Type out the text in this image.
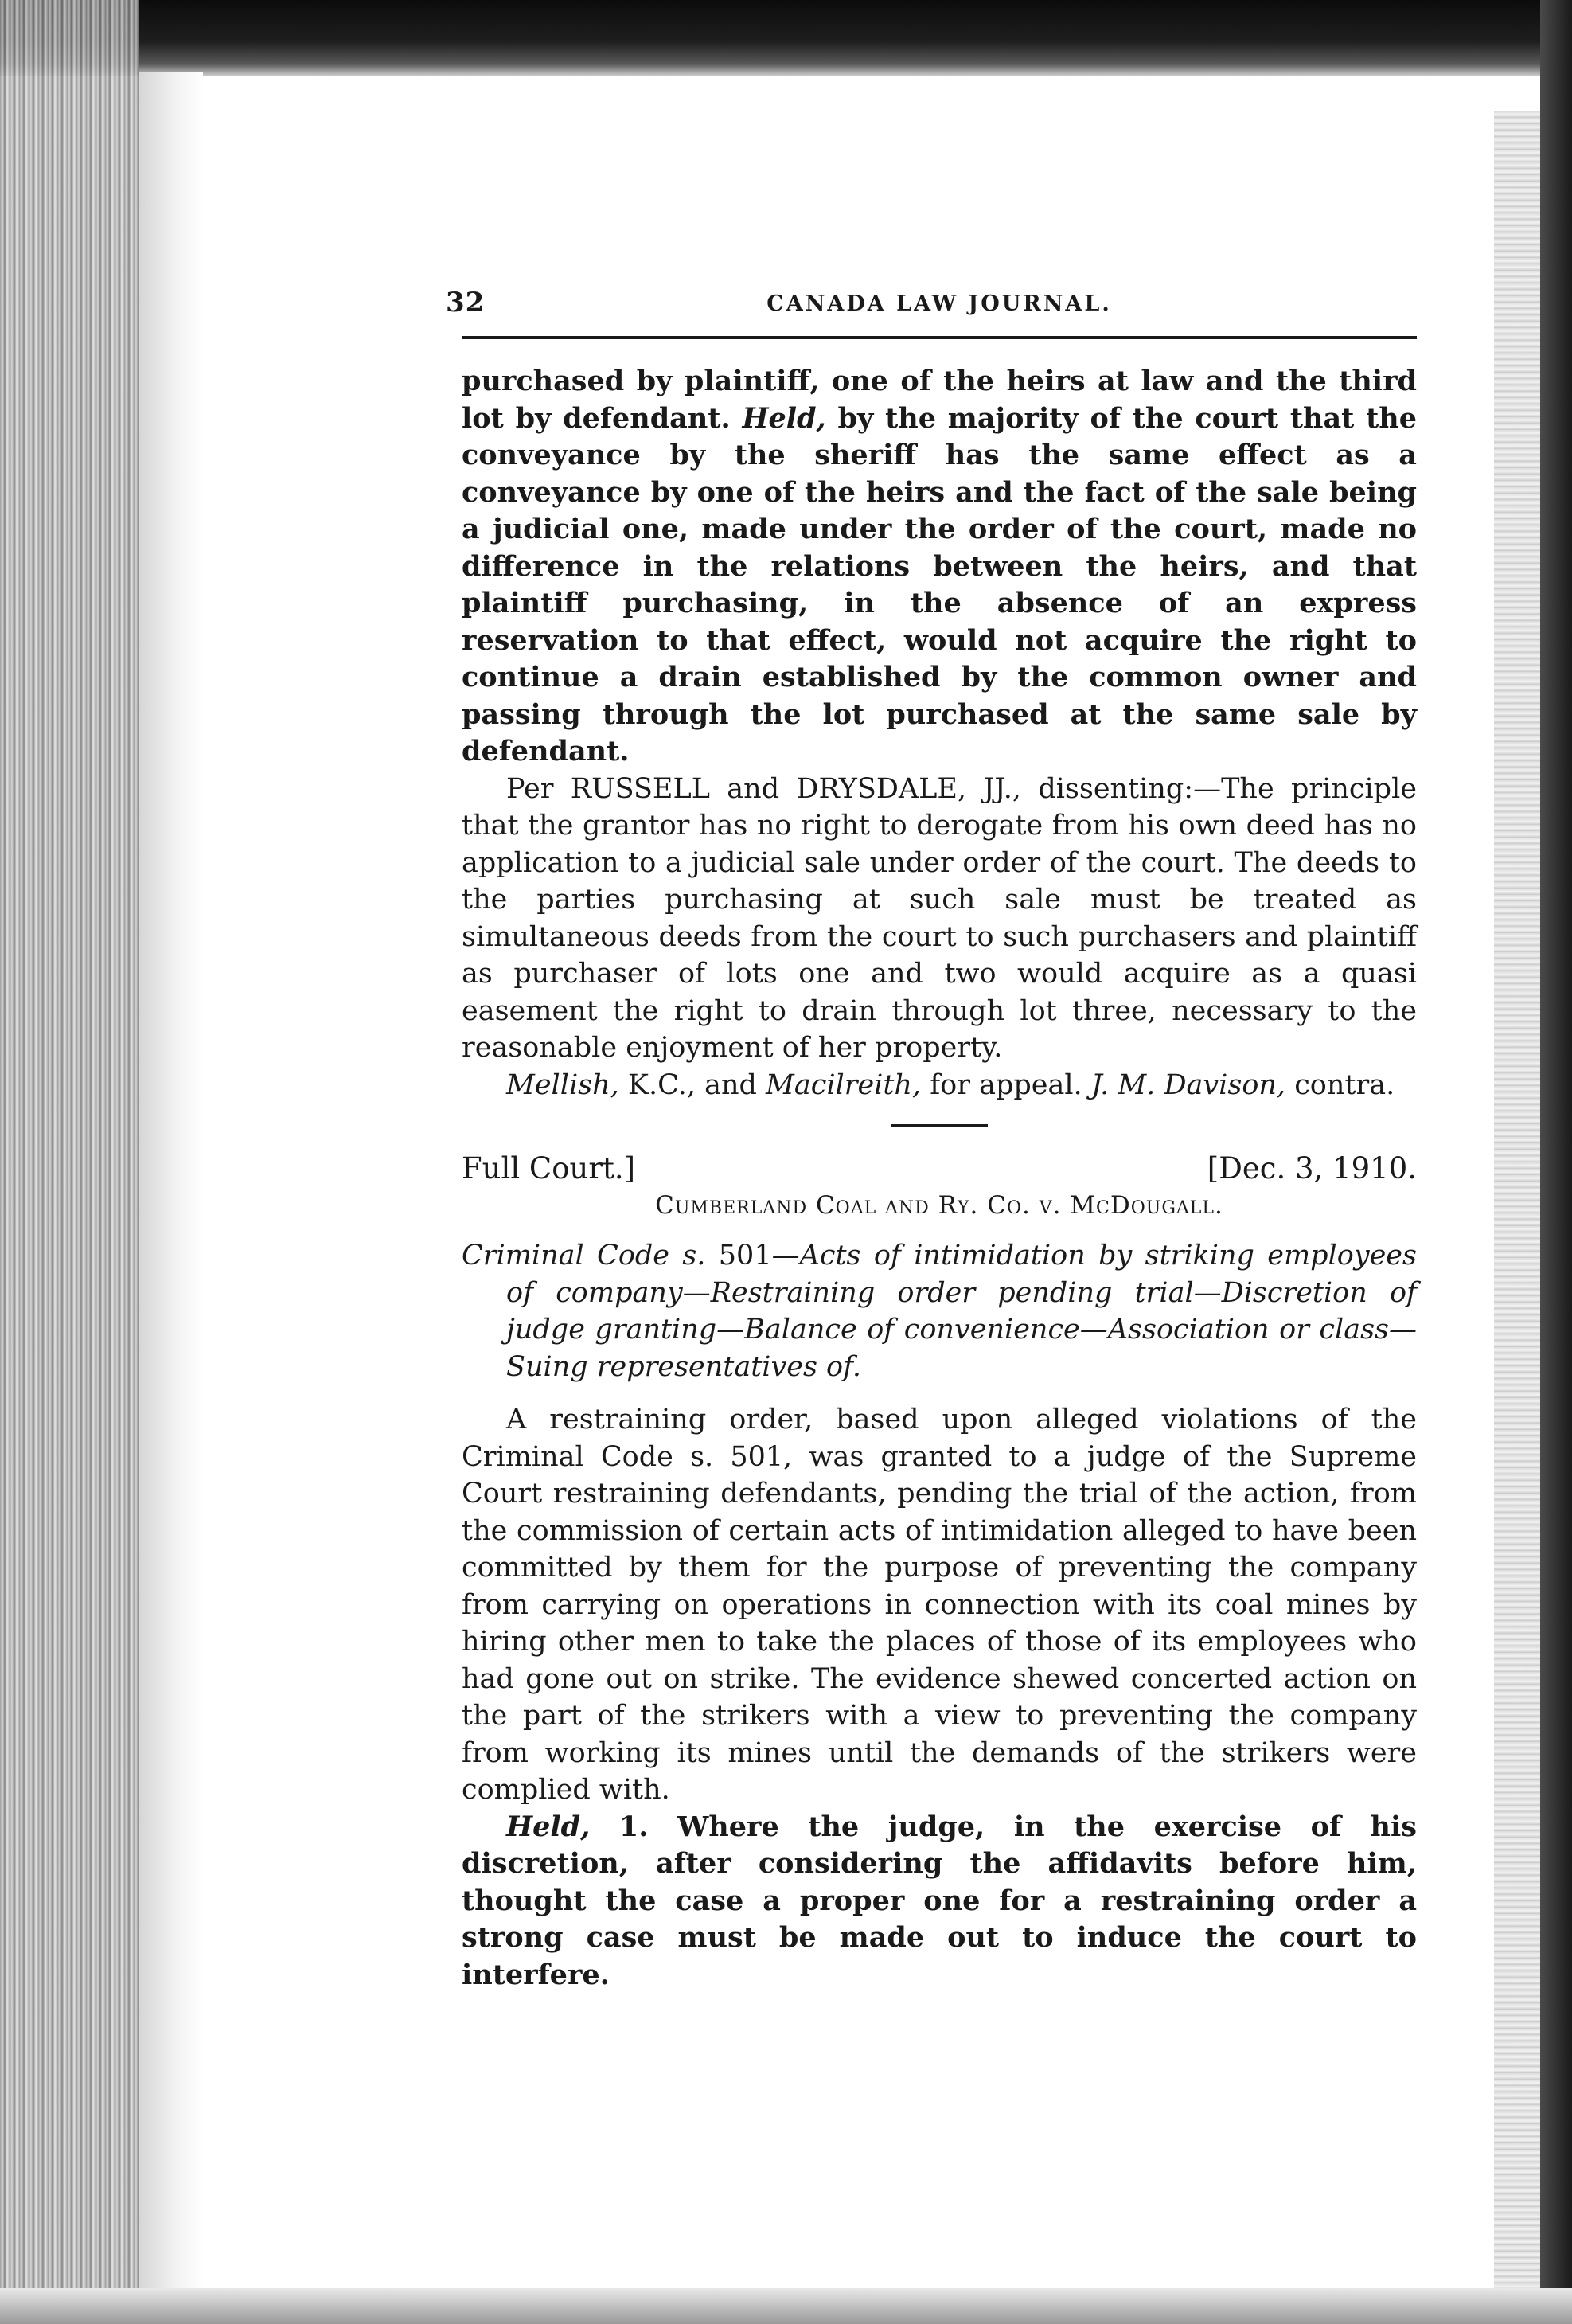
32	CANADA LAW JOURNAL.

purchased by plaintiff, one of the heirs at law and the third lot by defendant. Held, by the majority of the court that the conveyance by the sheriff has the same effect as a conveyance by one of the heirs and the fact of the sale being a judicial one, made under the order of the court, made no difference in the relations between the heirs, and that plaintiff purchasing, in the absence of an express reservation to that effect, would not acquire the right to continue a drain established by the common owner and passing through the lot purchased at the same sale by defendant.

Per RUSSELL and DRYSDALE, JJ., dissenting:—The principle that the grantor has no right to derogate from his own deed has no application to a judicial sale under order of the court. The deeds to the parties purchasing at such sale must be treated as simultaneous deeds from the court to such purchasers and plaintiff as purchaser of lots one and two would acquire as a quasi easement the right to drain through lot three, necessary to the reasonable enjoyment of her property.

Mellish, K.C., and Macilreith, for appeal. J. M. Davison, contra.

Full Court.]	[Dec. 3, 1910.
Cumberland Coal and Ry. Co. v. McDougall.
Criminal Code s. 501—Acts of intimidation by striking employees of company—Restraining order pending trial—Discretion of judge granting—Balance of convenience—Association or class—Suing representatives of.

A restraining order, based upon alleged violations of the Criminal Code s. 501, was granted to a judge of the Supreme Court restraining defendants, pending the trial of the action, from the commission of certain acts of intimidation alleged to have been committed by them for the purpose of preventing the company from carrying on operations in connection with its coal mines by hiring other men to take the places of those of its employees who had gone out on strike. The evidence shewed concerted action on the part of the strikers with a view to preventing the company from working its mines until the demands of the strikers were complied with.

Held, 1. Where the judge, in the exercise of his discretion, after considering the affidavits before him, thought the case a proper one for a restraining order a strong case must be made out to induce the court to interfere.
